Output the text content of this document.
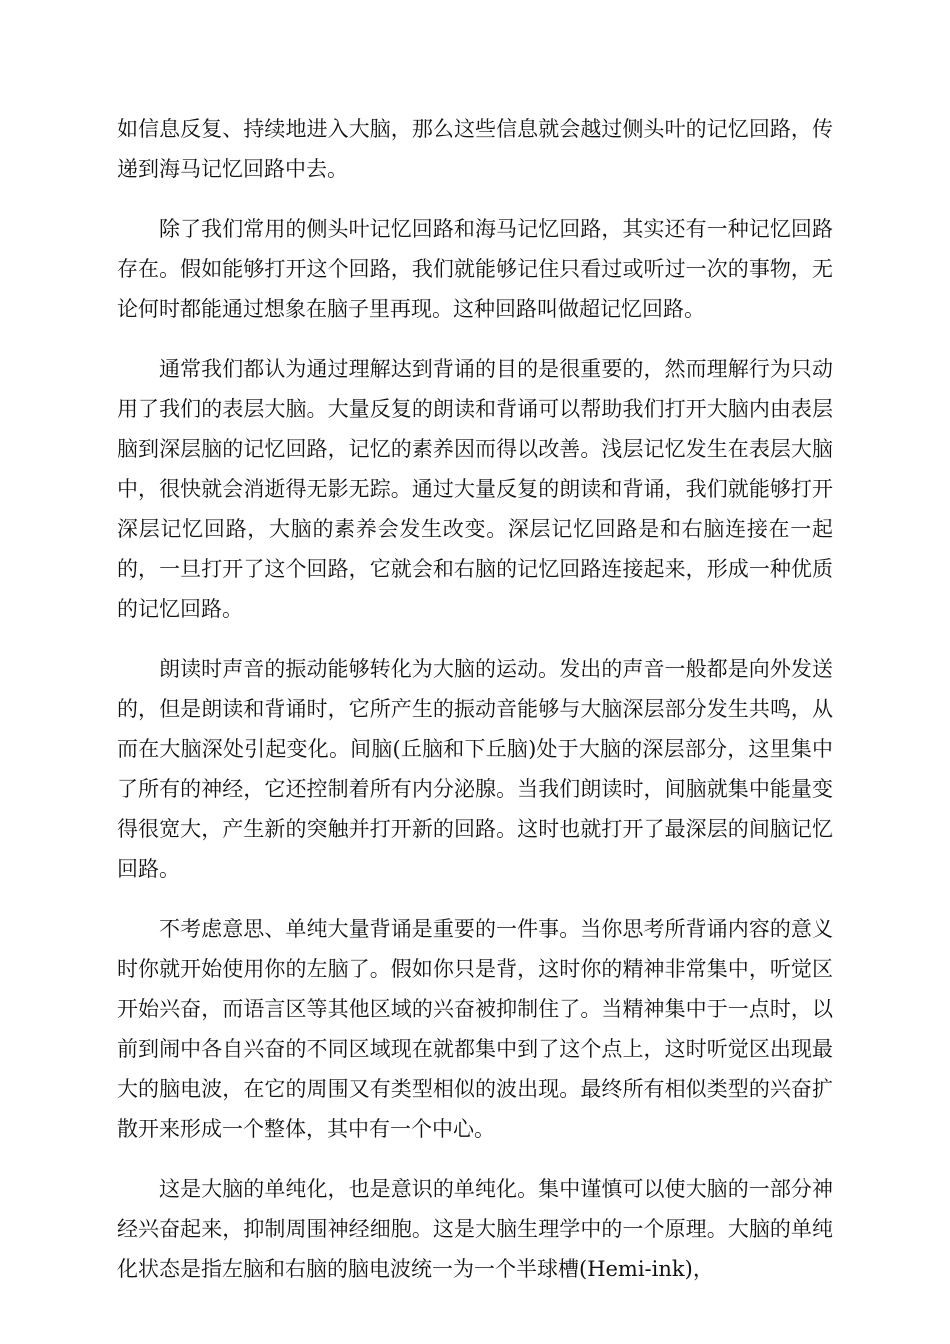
如信息反复、持续地进入大脑，那么这些信息就会越过侧头叶的记忆回路，传递到海马记忆回路中去。

除了我们常用的侧头叶记忆回路和海马记忆回路，其实还有一种记忆回路存在。假如能够打开这个回路，我们就能够记住只看过或听过一次的事物，无论何时都能通过想象在脑子里再现。这种回路叫做超记忆回路。

通常我们都认为通过理解达到背诵的目的是很重要的，然而理解行为只动用了我们的表层大脑。大量反复的朗读和背诵可以帮助我们打开大脑内由表层脑到深层脑的记忆回路，记忆的素养因而得以改善。浅层记忆发生在表层大脑中，很快就会消逝得无影无踪。通过大量反复的朗读和背诵，我们就能够打开深层记忆回路，大脑的素养会发生改变。深层记忆回路是和右脑连接在一起的，一旦打开了这个回路，它就会和右脑的记忆回路连接起来，形成一种优质的记忆回路。

朗读时声音的振动能够转化为大脑的运动。发出的声音一般都是向外发送的，但是朗读和背诵时，它所产生的振动音能够与大脑深层部分发生共鸣，从而在大脑深处引起变化。间脑(丘脑和下丘脑)处于大脑的深层部分，这里集中了所有的神经，它还控制着所有内分泌腺。当我们朗读时，间脑就集中能量变得很宽大，产生新的突触并打开新的回路。这时也就打开了最深层的间脑记忆回路。

不考虑意思、单纯大量背诵是重要的一件事。当你思考所背诵内容的意义时你就开始使用你的左脑了。假如你只是背，这时你的精神非常集中，听觉区开始兴奋，而语言区等其他区域的兴奋被抑制住了。当精神集中于一点时，以前到闹中各自兴奋的不同区域现在就都集中到了这个点上，这时听觉区出现最大的脑电波，在它的周围又有类型相似的波出现。最终所有相似类型的兴奋扩散开来形成一个整体，其中有一个中心。

这是大脑的单纯化，也是意识的单纯化。集中谨慎可以使大脑的一部分神经兴奋起来，抑制周围神经细胞。这是大脑生理学中的一个原理。大脑的单纯化状态是指左脑和右脑的脑电波统一为一个半球槽(Hemi-ink)，
